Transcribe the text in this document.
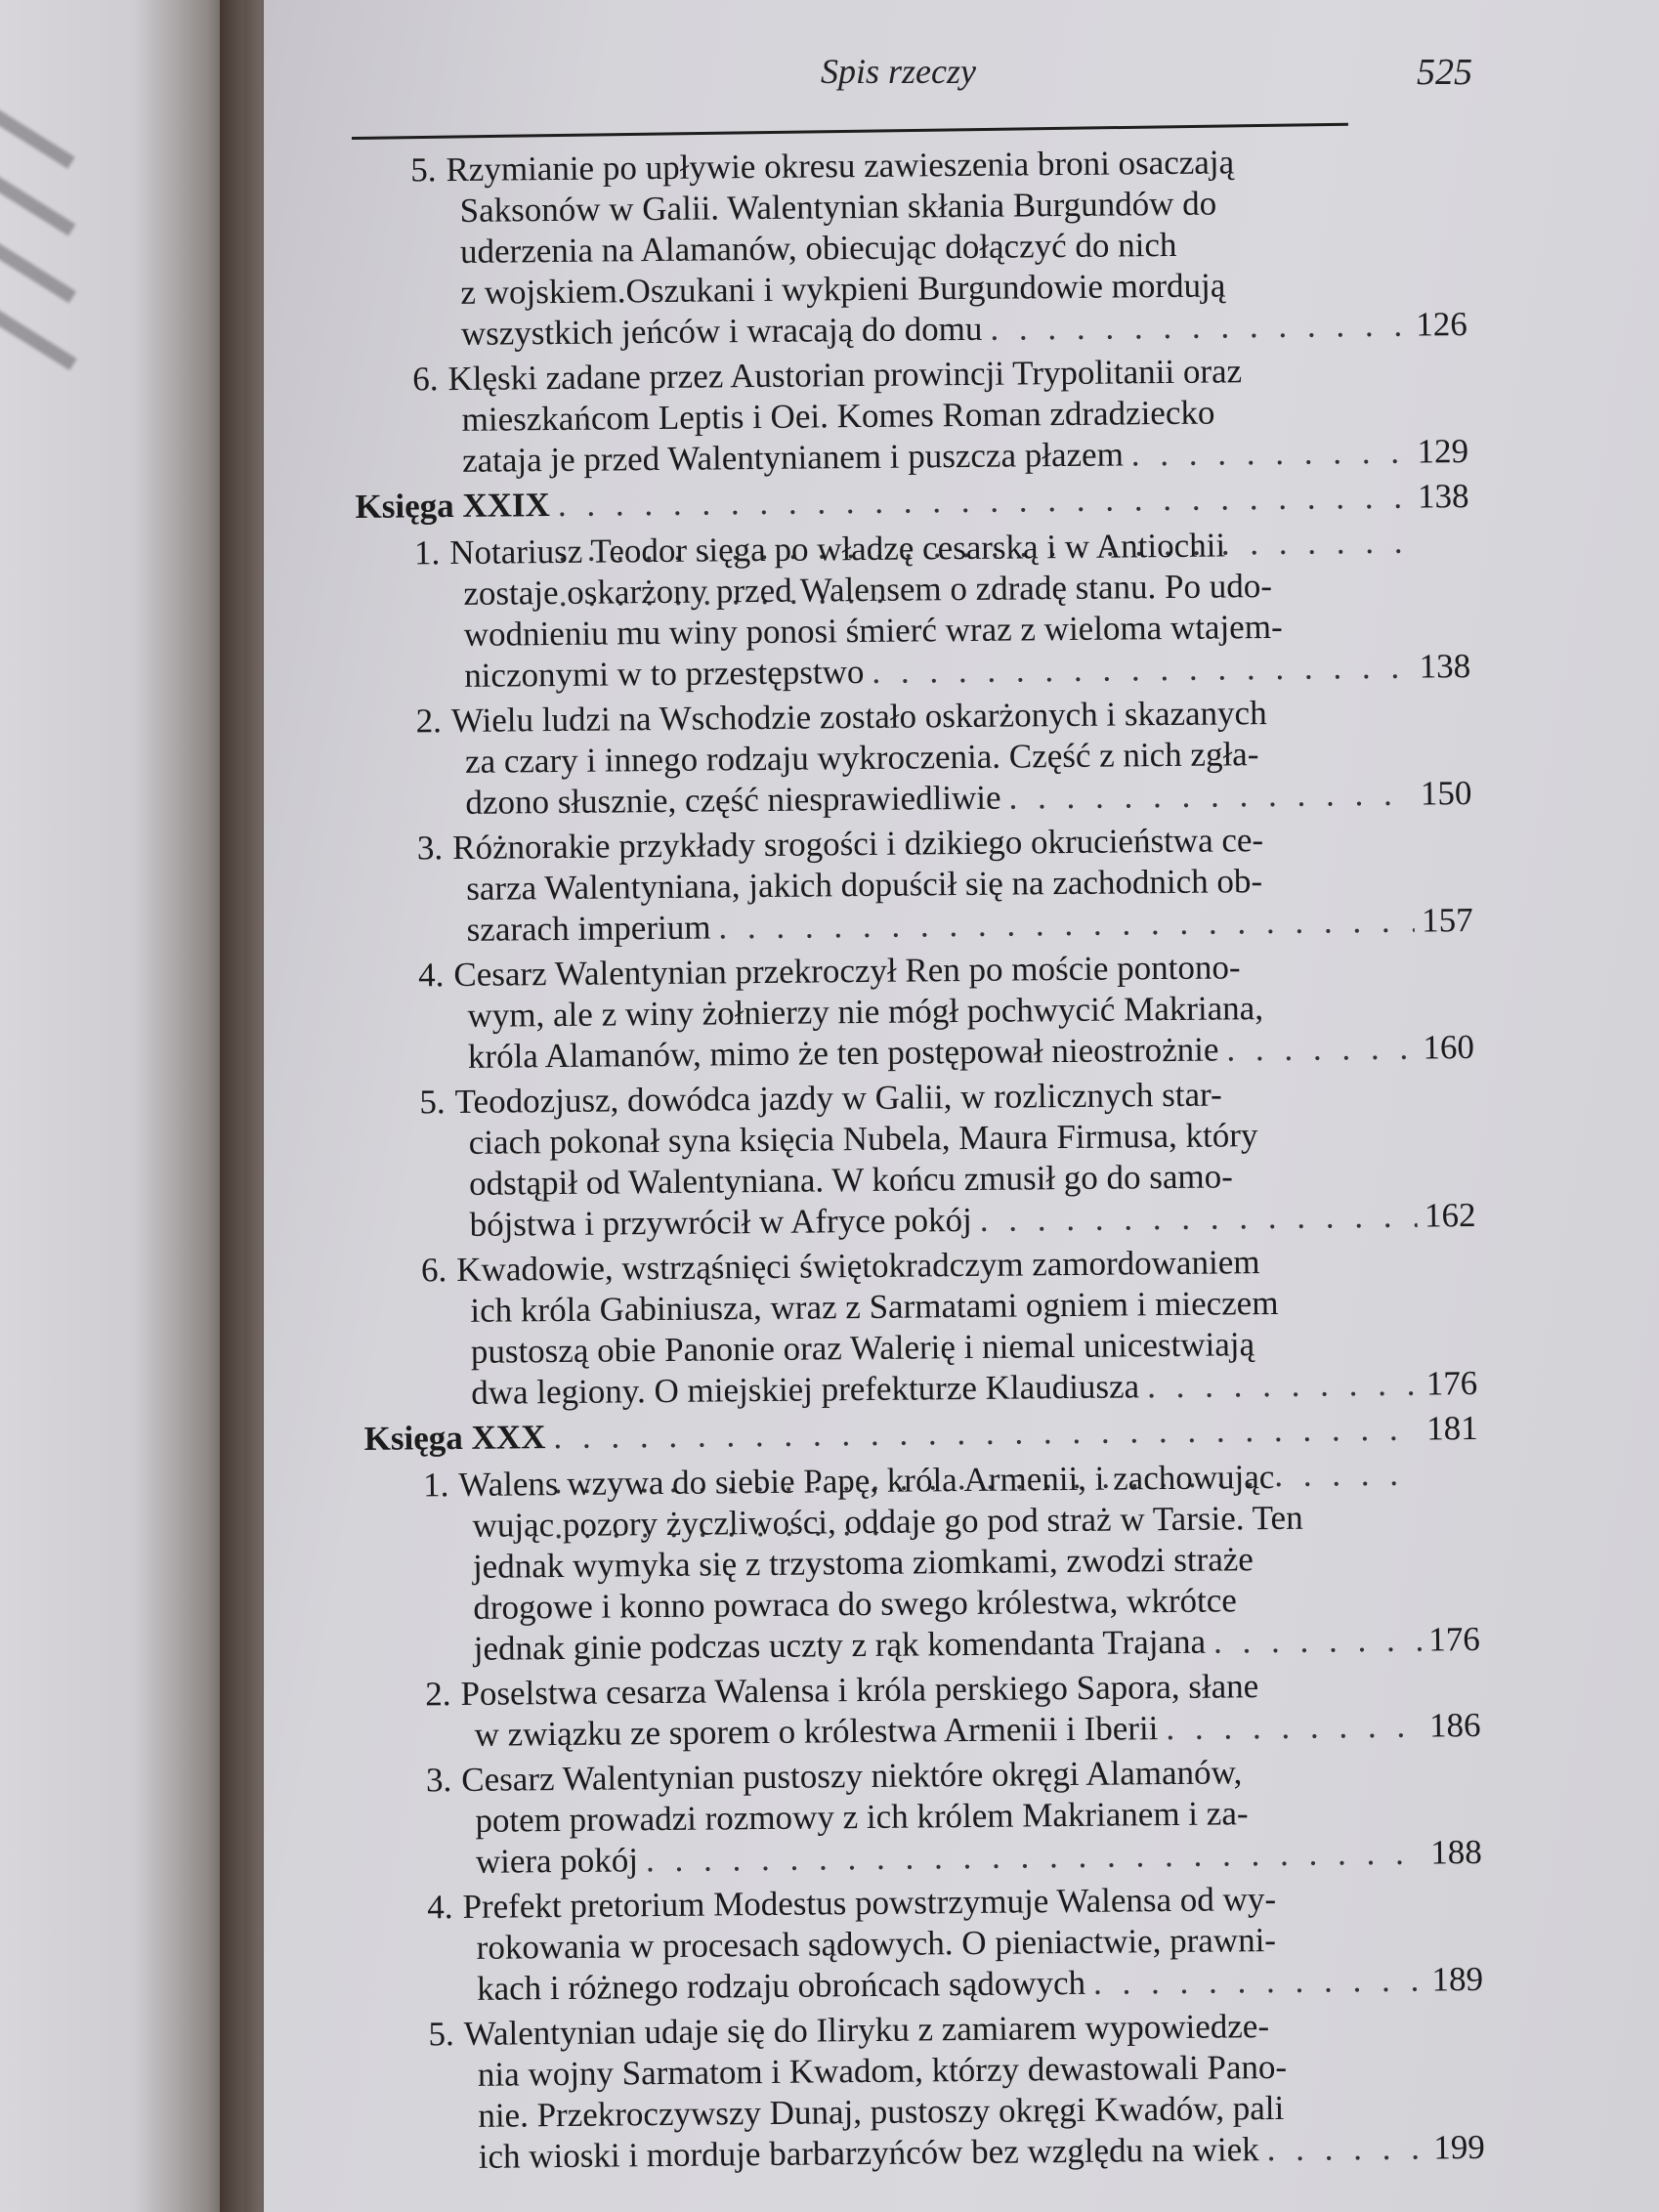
Spis rzeczy	525
5. Rzymianie po upływie okresu zawieszenia broni osaczają
Saksonów w Galii. Walentynian skłania Burgundów do
uderzenia na Alamanów, obiecując dołączyć do nich
z wojskiem.Oszukani i wykpieni Burgundowie mordują
wszystkich jeńców i wracają do domu . . .	126
6. Klęski zadane przez Austorian prowincji Trypolitanii oraz
mieszkańcom Leptis i Oei. Komes Roman zdradziecko
zataja je przed Walentynianem i puszcza płazem . . .	129
Księga XXIX . . .	138
1. Notariusz Teodor sięga po władzę cesarską i w Antiochii
zostaje oskarżony przed Walensem o zdradę stanu. Po udo-
wodnieniu mu winy ponosi śmierć wraz z wieloma wtajem-
niczonymi w to przestępstwo . . .	138
2. Wielu ludzi na Wschodzie zostało oskarżonych i skazanych
za czary i innego rodzaju wykroczenia. Część z nich zgła-
dzono słusznie, część niesprawiedliwie . . .	150
3. Różnorakie przykłady srogości i dzikiego okrucieństwa ce-
sarza Walentyniana, jakich dopuścił się na zachodnich ob-
szarach imperium . . .	157
4. Cesarz Walentynian przekroczył Ren po moście pontono-
wym, ale z winy żołnierzy nie mógł pochwycić Makriana,
króla Alamanów, mimo że ten postępował nieostrożnie . . .	160
5. Teodozjusz, dowódca jazdy w Galii, w rozlicznych star-
ciach pokonał syna księcia Nubela, Maura Firmusa, który
odstąpił od Walentyniana. W końcu zmusił go do samo-
bójstwa i przywrócił w Afryce pokój . . .	162
6. Kwadowie, wstrząśnięci świętokradczym zamordowaniem
ich króla Gabiniusza, wraz z Sarmatami ogniem i mieczem
pustoszą obie Panonie oraz Walerię i niemal unicestwiają
dwa legiony. O miejskiej prefekturze Klaudiusza . . .	176
Księga XXX . . .	181
1. Walens wzywa do siebie Papę, króla Armenii, i zachowując
wując pozory życzliwości, oddaje go pod straż w Tarsie. Ten
jednak wymyka się z trzystoma ziomkami, zwodzi straże
drogowe i konno powraca do swego królestwa, wkrótce
jednak ginie podczas uczty z rąk komendanta Trajana . . .	176
2. Poselstwa cesarza Walensa i króla perskiego Sapora, słane
w związku ze sporem o królestwa Armenii i Iberii . . .	186
3. Cesarz Walentynian pustoszy niektóre okręgi Alamanów,
potem prowadzi rozmowy z ich królem Makrianem i za-
wiera pokój . . .	188
4. Prefekt pretorium Modestus powstrzymuje Walensa od wy-
rokowania w procesach sądowych. O pieniactwie, prawni-
kach i różnego rodzaju obrońcach sądowych . . .	189
5. Walentynian udaje się do Iliryku z zamiarem wypowiedze-
nia wojny Sarmatom i Kwadom, którzy dewastowali Pano-
nie. Przekroczywszy Dunaj, pustoszy okręgi Kwadów, pali
ich wioski i morduje barbarzyńców bez względu na wiek . . .	199
